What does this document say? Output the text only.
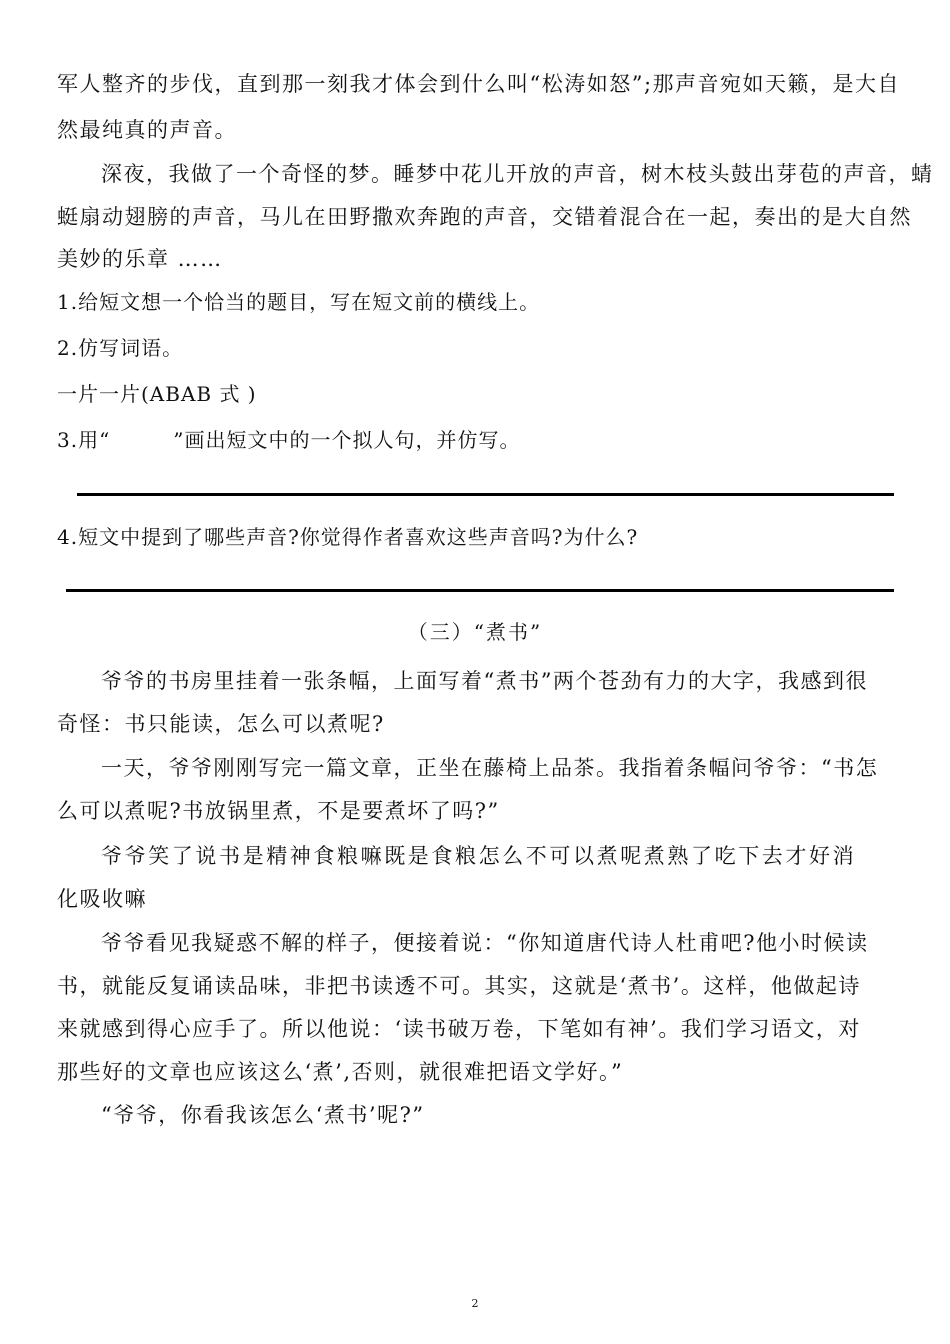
军人整齐的步伐，直到那一刻我才体会到什么叫“松涛如怒”;那声音宛如天籁，是大自
然最纯真的声音。
深夜，我做了一个奇怪的梦。睡梦中花儿开放的声音，树木枝头鼓出芽苞的声音，蜻
蜓扇动翅膀的声音，马儿在田野撒欢奔跑的声音，交错着混合在一起，奏出的是大自然
美妙的乐章 ……
1.给短文想一个恰当的题目，写在短文前的横线上。
2.仿写词语。
一片一片(ABAB 式 )
3.用“　　　”画出短文中的一个拟人句，并仿写。
4.短文中提到了哪些声音?你觉得作者喜欢这些声音吗?为什么?
（三）“煮书”
爷爷的书房里挂着一张条幅，上面写着“煮书”两个苍劲有力的大字，我感到很
奇怪：书只能读，怎么可以煮呢?
一天，爷爷刚刚写完一篇文章，正坐在藤椅上品茶。我指着条幅问爷爷：“书怎
么可以煮呢?书放锅里煮，不是要煮坏了吗?”
爷爷笑了说书是精神食粮嘛既是食粮怎么不可以煮呢煮熟了吃下去才好消
化吸收嘛
爷爷看见我疑惑不解的样子，便接着说：“你知道唐代诗人杜甫吧?他小时候读
书，就能反复诵读品味，非把书读透不可。其实，这就是‘煮书’。这样，他做起诗
来就感到得心应手了。所以他说：‘读书破万卷，下笔如有神’。我们学习语文，对
那些好的文章也应该这么‘煮’,否则，就很难把语文学好。”
“爷爷，你看我该怎么‘煮书’呢?”
2
